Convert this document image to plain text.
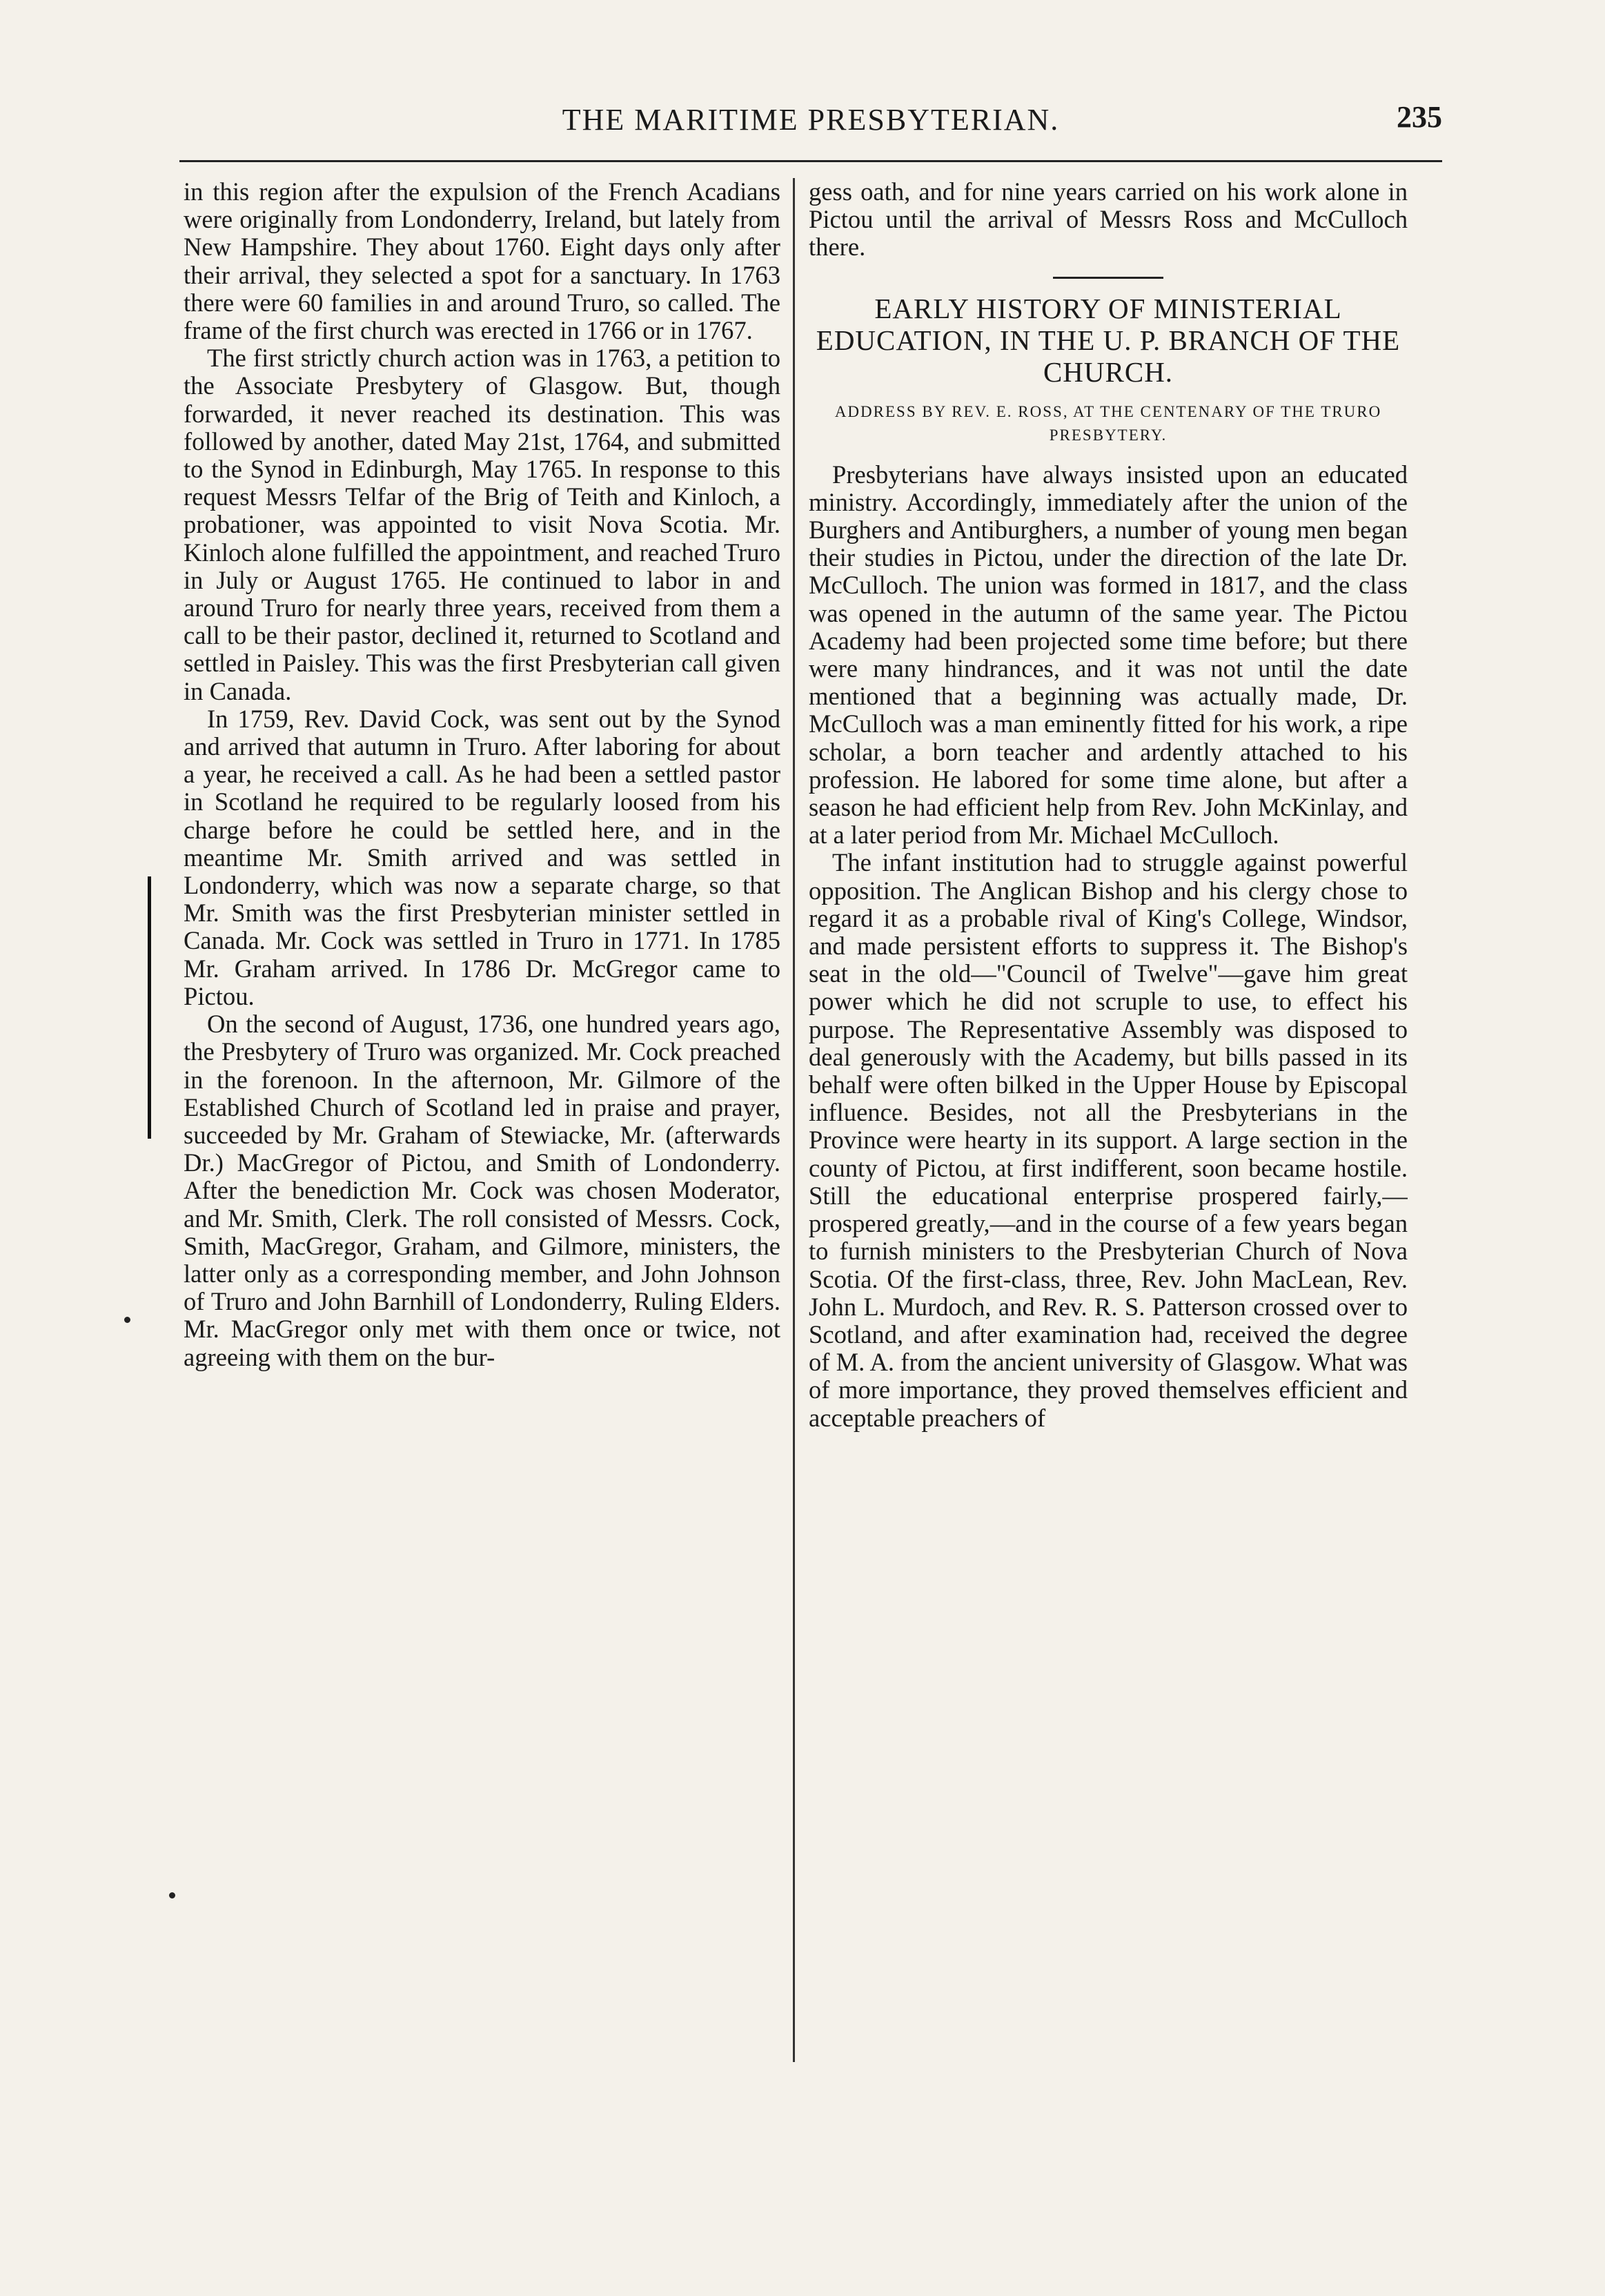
THE MARITIME PRESBYTERIAN.	235

in this region after the expulsion of the French Acadians were originally from Londonderry, Ireland, but lately from New Hampshire. They about 1760. Eight days only after their arrival, they selected a spot for a sanctuary. In 1763 there were 60 families in and around Truro, so called. The frame of the first church was erected in 1766 or in 1767.

The first strictly church action was in 1763, a petition to the Associate Presbytery of Glasgow. But, though forwarded, it never reached its destination. This was followed by another, dated May 21st, 1764, and submitted to the Synod in Edinburgh, May 1765. In response to this request Messrs Telfar of the Brig of Teith and Kinloch, a probationer, was appointed to visit Nova Scotia. Mr. Kinloch alone fulfilled the appointment, and reached Truro in July or August 1765. He continued to labor in and around Truro for nearly three years, received from them a call to be their pastor, declined it, returned to Scotland and settled in Paisley. This was the first Presbyterian call given in Canada.

In 1759, Rev. David Cock, was sent out by the Synod and arrived that autumn in Truro. After laboring for about a year, he received a call. As he had been a settled pastor in Scotland he required to be regularly loosed from his charge before he could be settled here, and in the meantime Mr. Smith arrived and was settled in Londonderry, which was now a separate charge, so that Mr. Smith was the first Presbyterian minister settled in Canada. Mr. Cock was settled in Truro in 1771. In 1785 Mr. Graham arrived. In 1786 Dr. McGregor came to Pictou.

On the second of August, 1736, one hundred years ago, the Presbytery of Truro was organized. Mr. Cock preached in the forenoon. In the afternoon, Mr. Gilmore of the Established Church of Scotland led in praise and prayer, succeeded by Mr. Graham of Stewiacke, Mr. (afterwards Dr.) MacGregor of Pictou, and Smith of Londonderry. After the benediction Mr. Cock was chosen Moderator, and Mr. Smith, Clerk. The roll consisted of Messrs. Cock, Smith, MacGregor, Graham, and Gilmore, ministers, the latter only as a corresponding member, and John Johnson of Truro and John Barnhill of Londonderry, Ruling Elders. Mr. MacGregor only met with them once or twice, not agreeing with them on the bur-

gess oath, and for nine years carried on his work alone in Pictou until the arrival of Messrs Ross and McCulloch there.

EARLY HISTORY OF MINISTERIAL EDUCATION, IN THE U. P. BRANCH OF THE CHURCH.
ADDRESS BY REV. E. ROSS, AT THE CENTENARY OF THE TRURO PRESBYTERY.

Presbyterians have always insisted upon an educated ministry. Accordingly, immediately after the union of the Burghers and Antiburghers, a number of young men began their studies in Pictou, under the direction of the late Dr. McCulloch. The union was formed in 1817, and the class was opened in the autumn of the same year. The Pictou Academy had been projected some time before; but there were many hindrances, and it was not until the date mentioned that a beginning was actually made, Dr. McCulloch was a man eminently fitted for his work, a ripe scholar, a born teacher and ardently attached to his profession. He labored for some time alone, but after a season he had efficient help from Rev. John McKinlay, and at a later period from Mr. Michael McCulloch.

The infant institution had to struggle against powerful opposition. The Anglican Bishop and his clergy chose to regard it as a probable rival of King's College, Windsor, and made persistent efforts to suppress it. The Bishop's seat in the old—"Council of Twelve"—gave him great power which he did not scruple to use, to effect his purpose. The Representative Assembly was disposed to deal generously with the Academy, but bills passed in its behalf were often bilked in the Upper House by Episcopal influence. Besides, not all the Presbyterians in the Province were hearty in its support. A large section in the county of Pictou, at first indifferent, soon became hostile. Still the educational enterprise prospered fairly,—prospered greatly,—and in the course of a few years began to furnish ministers to the Presbyterian Church of Nova Scotia. Of the first-class, three, Rev. John MacLean, Rev. John L. Murdoch, and Rev. R. S. Patterson crossed over to Scotland, and after examination had, received the degree of M. A. from the ancient university of Glasgow. What was of more importance, they proved themselves efficient and acceptable preachers of
